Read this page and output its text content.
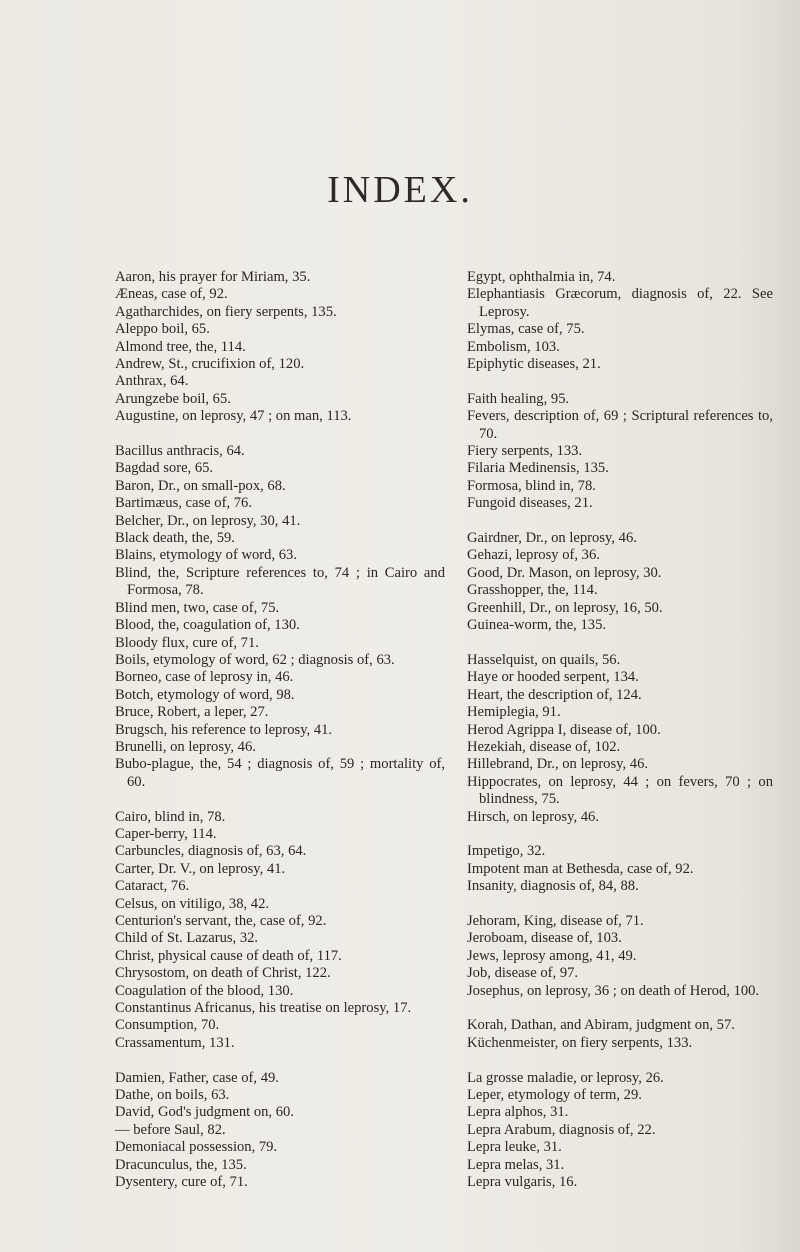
INDEX.
Aaron, his prayer for Miriam, 35.
Æneas, case of, 92.
Agatharchides, on fiery serpents, 135.
Aleppo boil, 65.
Almond tree, the, 114.
Andrew, St., crucifixion of, 120.
Anthrax, 64.
Arungzebe boil, 65.
Augustine, on leprosy, 47 ; on man, 113.
Bacillus anthracis, 64.
Bagdad sore, 65.
Baron, Dr., on small-pox, 68.
Bartimæus, case of, 76.
Belcher, Dr., on leprosy, 30, 41.
Black death, the, 59.
Blains, etymology of word, 63.
Blind, the, Scripture references to, 74 ; in Cairo and Formosa, 78.
Blind men, two, case of, 75.
Blood, the, coagulation of, 130.
Bloody flux, cure of, 71.
Boils, etymology of word, 62 ; diagnosis of, 63.
Borneo, case of leprosy in, 46.
Botch, etymology of word, 98.
Bruce, Robert, a leper, 27.
Brugsch, his reference to leprosy, 41.
Brunelli, on leprosy, 46.
Bubo-plague, the, 54 ; diagnosis of, 59 ; mortality of, 60.
Cairo, blind in, 78.
Caper-berry, 114.
Carbuncles, diagnosis of, 63, 64.
Carter, Dr. V., on leprosy, 41.
Cataract, 76.
Celsus, on vitiligo, 38, 42.
Centurion's servant, the, case of, 92.
Child of St. Lazarus, 32.
Christ, physical cause of death of, 117.
Chrysostom, on death of Christ, 122.
Coagulation of the blood, 130.
Constantinus Africanus, his treatise on leprosy, 17.
Consumption, 70.
Crassamentum, 131.
Damien, Father, case of, 49.
Dathe, on boils, 63.
David, God's judgment on, 60.
— before Saul, 82.
Demoniacal possession, 79.
Dracunculus, the, 135.
Dysentery, cure of, 71.
Egypt, ophthalmia in, 74.
Elephantiasis Græcorum, diagnosis of, 22. See Leprosy.
Elymas, case of, 75.
Embolism, 103.
Epiphytic diseases, 21.
Faith healing, 95.
Fevers, description of, 69 ; Scriptural references to, 70.
Fiery serpents, 133.
Filaria Medinensis, 135.
Formosa, blind in, 78.
Fungoid diseases, 21.
Gairdner, Dr., on leprosy, 46.
Gehazi, leprosy of, 36.
Good, Dr. Mason, on leprosy, 30.
Grasshopper, the, 114.
Greenhill, Dr., on leprosy, 16, 50.
Guinea-worm, the, 135.
Hasselquist, on quails, 56.
Haye or hooded serpent, 134.
Heart, the description of, 124.
Hemiplegia, 91.
Herod Agrippa I, disease of, 100.
Hezekiah, disease of, 102.
Hillebrand, Dr., on leprosy, 46.
Hippocrates, on leprosy, 44 ; on fevers, 70 ; on blindness, 75.
Hirsch, on leprosy, 46.
Impetigo, 32.
Impotent man at Bethesda, case of, 92.
Insanity, diagnosis of, 84, 88.
Jehoram, King, disease of, 71.
Jeroboam, disease of, 103.
Jews, leprosy among, 41, 49.
Job, disease of, 97.
Josephus, on leprosy, 36 ; on death of Herod, 100.
Korah, Dathan, and Abiram, judgment on, 57.
Küchenmeister, on fiery serpents, 133.
La grosse maladie, or leprosy, 26.
Leper, etymology of term, 29.
Lepra alphos, 31.
Lepra Arabum, diagnosis of, 22.
Lepra leuke, 31.
Lepra melas, 31.
Lepra vulgaris, 16.
